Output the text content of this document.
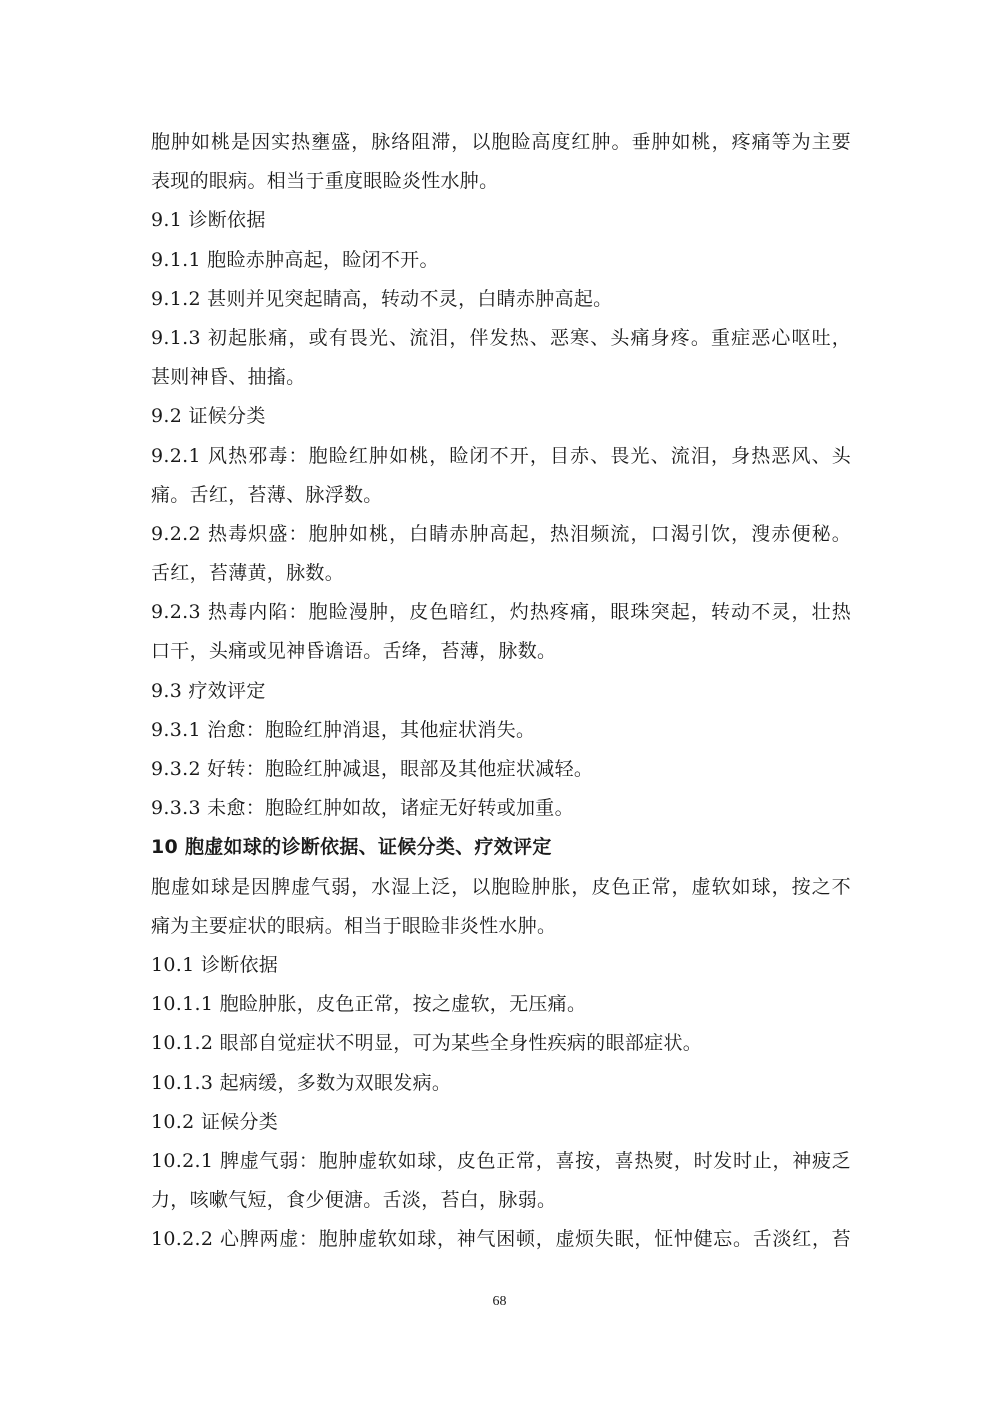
胞肿如桃是因实热壅盛，脉络阻滞，以胞睑高度红肿。垂肿如桃，疼痛等为主要
表现的眼病。相当于重度眼睑炎性水肿。
9.1 诊断依据
9.1.1 胞睑赤肿高起，睑闭不开。
9.1.2 甚则并见突起睛高，转动不灵，白睛赤肿高起。
9.1.3 初起胀痛，或有畏光、流泪，伴发热、恶寒、头痛身疼。重症恶心呕吐，
甚则神昏、抽搐。
9.2 证候分类
9.2.1 风热邪毒：胞睑红肿如桃，睑闭不开，目赤、畏光、流泪，身热恶风、头
痛。舌红，苔薄、脉浮数。
9.2.2 热毒炽盛：胞肿如桃，白睛赤肿高起，热泪频流，口渴引饮，溲赤便秘。
舌红，苔薄黄，脉数。
9.2.3 热毒内陷：胞睑漫肿，皮色暗红，灼热疼痛，眼珠突起，转动不灵，壮热
口干，头痛或见神昏谵语。舌绛，苔薄，脉数。
9.3 疗效评定
9.3.1 治愈：胞睑红肿消退，其他症状消失。
9.3.2 好转：胞睑红肿减退，眼部及其他症状减轻。
9.3.3 未愈：胞睑红肿如故，诸症无好转或加重。
10 胞虚如球的诊断依据、证候分类、疗效评定
胞虚如球是因脾虚气弱，水湿上泛，以胞睑肿胀，皮色正常，虚软如球，按之不
痛为主要症状的眼病。相当于眼睑非炎性水肿。
10.1 诊断依据
10.1.1 胞睑肿胀，皮色正常，按之虚软，无压痛。
10.1.2 眼部自觉症状不明显，可为某些全身性疾病的眼部症状。
10.1.3 起病缓，多数为双眼发病。
10.2 证候分类
10.2.1 脾虚气弱：胞肿虚软如球，皮色正常，喜按，喜热熨，时发时止，神疲乏
力，咳嗽气短，食少便溏。舌淡，苔白，脉弱。
10.2.2 心脾两虚：胞肿虚软如球，神气困顿，虚烦失眠，怔忡健忘。舌淡红，苔
68
